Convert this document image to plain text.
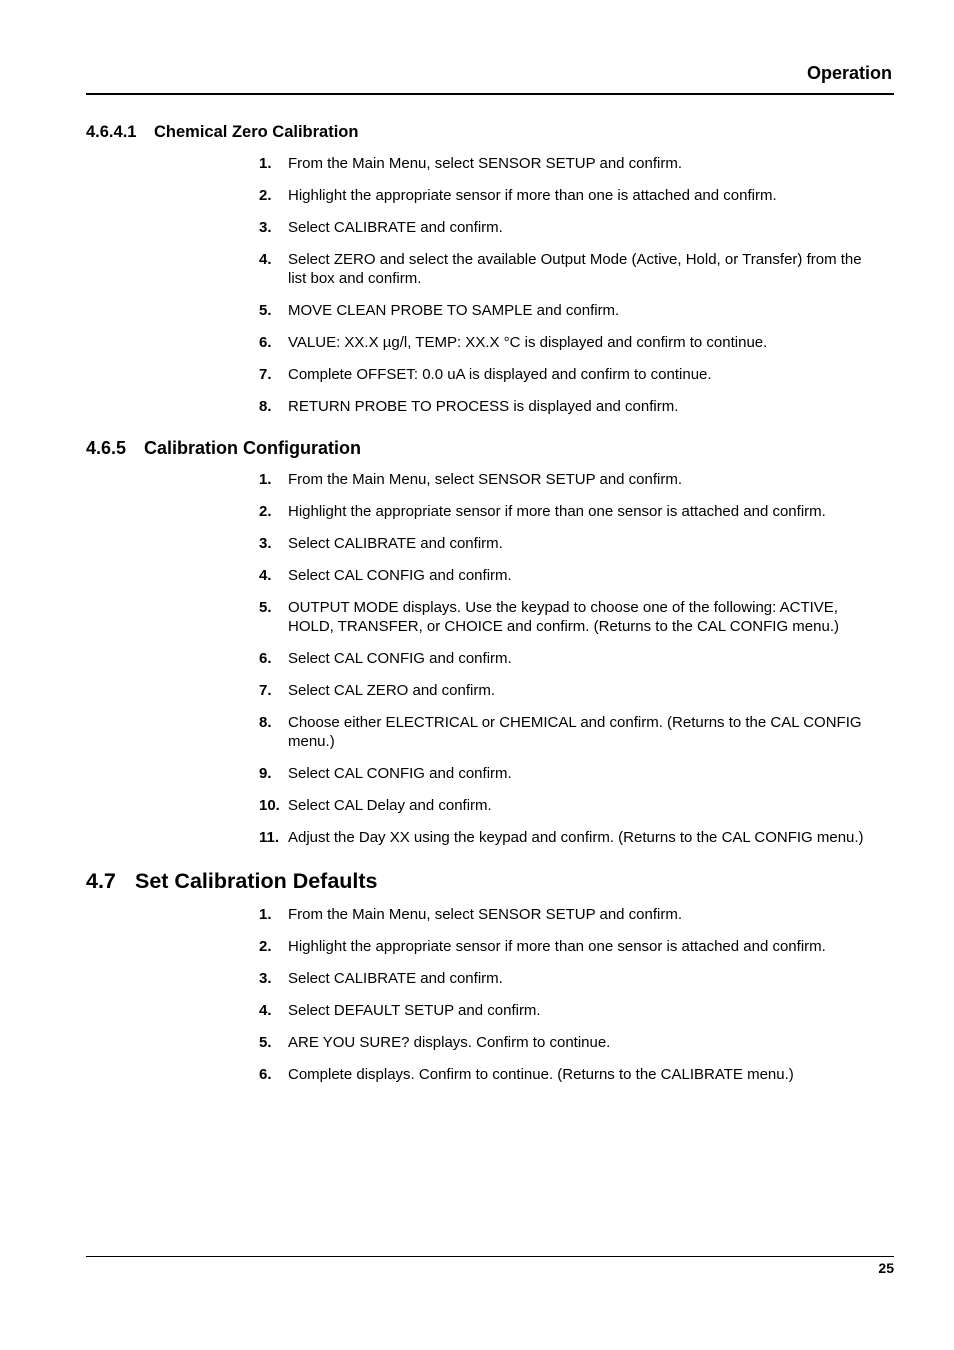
Operation
4.6.4.1 Chemical Zero Calibration
1. From the Main Menu, select SENSOR SETUP and confirm.
2. Highlight the appropriate sensor if more than one is attached and confirm.
3. Select CALIBRATE and confirm.
4. Select ZERO and select the available Output Mode (Active, Hold, or Transfer) from the list box and confirm.
5. MOVE CLEAN PROBE TO SAMPLE and confirm.
6. VALUE: XX.X µg/l, TEMP: XX.X °C is displayed and confirm to continue.
7. Complete OFFSET: 0.0 uA is displayed and confirm to continue.
8. RETURN PROBE TO PROCESS is displayed and confirm.
4.6.5 Calibration Configuration
1. From the Main Menu, select SENSOR SETUP and confirm.
2. Highlight the appropriate sensor if more than one sensor is attached and confirm.
3. Select CALIBRATE and confirm.
4. Select CAL CONFIG and confirm.
5. OUTPUT MODE displays. Use the keypad to choose one of the following: ACTIVE, HOLD, TRANSFER, or CHOICE and confirm. (Returns to the CAL CONFIG menu.)
6. Select CAL CONFIG and confirm.
7. Select CAL ZERO and confirm.
8. Choose either ELECTRICAL or CHEMICAL and confirm. (Returns to the CAL CONFIG menu.)
9. Select CAL CONFIG and confirm.
10. Select CAL Delay and confirm.
11. Adjust the Day XX using the keypad and confirm. (Returns to the CAL CONFIG menu.)
4.7 Set Calibration Defaults
1. From the Main Menu, select SENSOR SETUP and confirm.
2. Highlight the appropriate sensor if more than one sensor is attached and confirm.
3. Select CALIBRATE and confirm.
4. Select DEFAULT SETUP and confirm.
5. ARE YOU SURE? displays. Confirm to continue.
6. Complete displays. Confirm to continue. (Returns to the CALIBRATE menu.)
25
